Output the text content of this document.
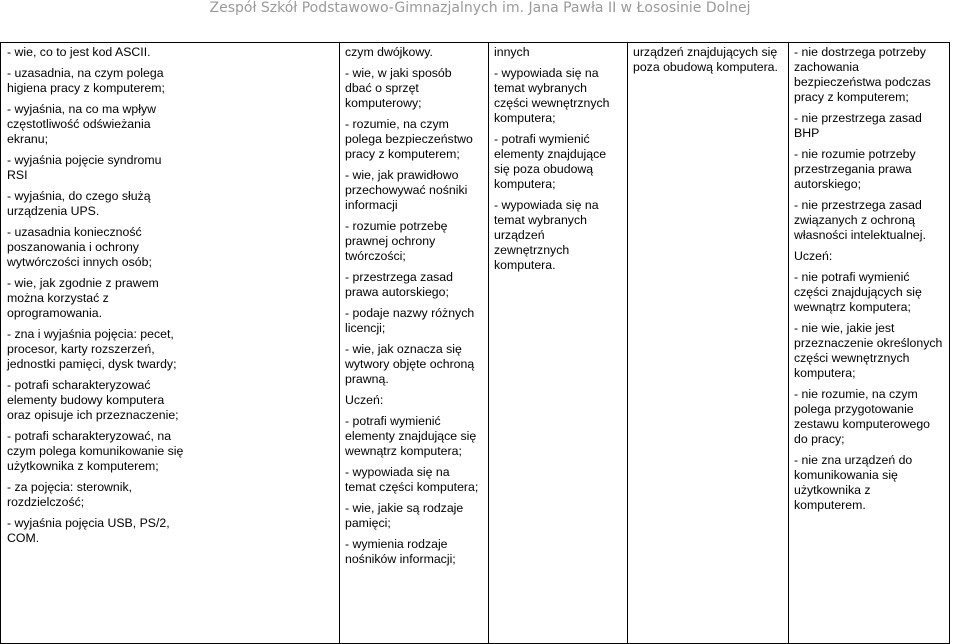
Zespół Szkół Podstawowo-Gimnazjalnych im. Jana Pawła II w Łososinie Dolnej
- wie, co to jest kod ASCII.
- uzasadnia, na czym polega
higiena pracy z komputerem;
- wyjaśnia, na co ma wpływ
częstotliwość odświeżania
ekranu;
- wyjaśnia pojęcie syndromu
RSI
- wyjaśnia, do czego służą
urządzenia UPS.
- uzasadnia konieczność
poszanowania i ochrony
wytwórczości innych osób;
- wie, jak zgodnie z prawem
można korzystać z
oprogramowania.
- zna i wyjaśnia pojęcia: pecet,
procesor, karty rozszerzeń,
jednostki pamięci, dysk twardy;
- potrafi scharakteryzować
elementy budowy komputera
oraz opisuje ich przeznaczenie;
- potrafi scharakteryzować, na
czym polega komunikowanie się
użytkownika z komputerem;
- za pojęcia: sterownik,
rozdzielczość;
- wyjaśnia pojęcia USB, PS/2,
COM.

czym dwójkowy.
- wie, w jaki sposób
dbać o sprzęt
komputerowy;
- rozumie, na czym
polega bezpieczeństwo
pracy z komputerem;
- wie, jak prawidłowo
przechowywać nośniki
informacji
- rozumie potrzebę
prawnej ochrony
twórczości;
- przestrzega zasad
prawa autorskiego;
- podaje nazwy różnych
licencji;
- wie, jak oznacza się
wytwory objęte ochroną
prawną.
Uczeń:
- potrafi wymienić
elementy znajdujące się
wewnątrz komputera;
- wypowiada się na
temat części komputera;
- wie, jakie są rodzaje
pamięci;
- wymienia rodzaje
nośników informacji;

innych
- wypowiada się na
temat wybranych
części wewnętrznych
komputera;
- potrafi wymienić
elementy znajdujące
się poza obudową
komputera;
- wypowiada się na
temat wybranych
urządzeń
zewnętrznych
komputera.

urządzeń znajdujących się
poza obudową komputera.

- nie dostrzega potrzeby
zachowania
bezpieczeństwa podczas
pracy z komputerem;
- nie przestrzega zasad
BHP
- nie rozumie potrzeby
przestrzegania prawa
autorskiego;
- nie przestrzega zasad
związanych z ochroną
własności intelektualnej.
Uczeń:
- nie potrafi wymienić
części znajdujących się
wewnątrz komputera;
- nie wie, jakie jest
przeznaczenie określonych
części wewnętrznych
komputera;
- nie rozumie, na czym
polega przygotowanie
zestawu komputerowego
do pracy;
- nie zna urządzeń do
komunikowania się
użytkownika z
komputerem.
